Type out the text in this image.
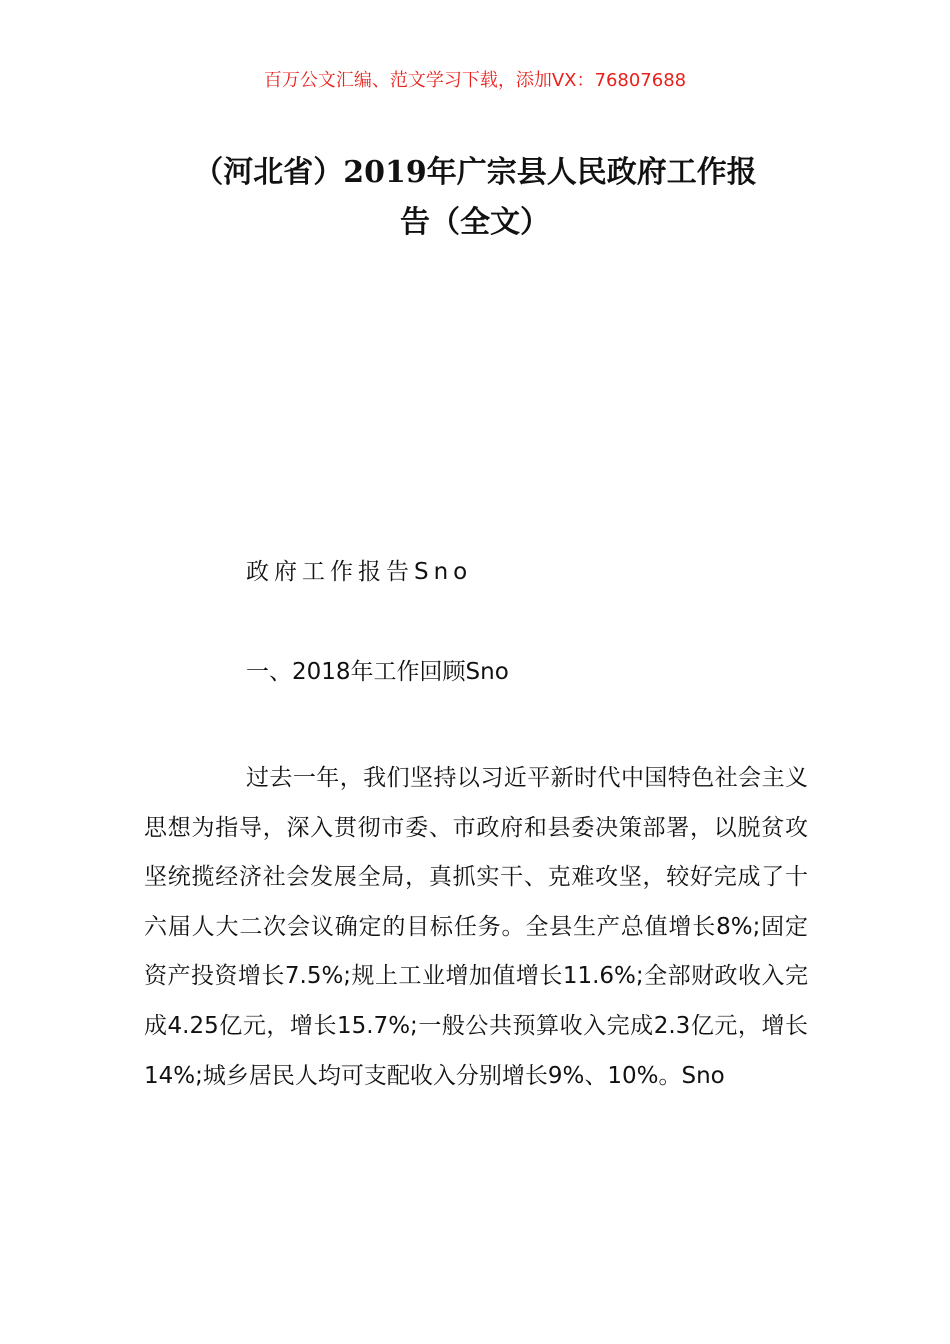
百万公文汇编、范文学习下载，添加VX：76807688
（河北省）2019年广宗县人民政府工作报
告（全文）
政府工作报告Sno
一、2018年工作回顾Sno

过去一年，我们坚持以习近平新时代中国特色社会主义思想为指导，深入贯彻市委、市政府和县委决策部署，以脱贫攻坚统揽经济社会发展全局，真抓实干、克难攻坚，较好完成了十六届人大二次会议确定的目标任务。全县生产总值增长8%;固定资产投资增长7.5%;规上工业增加值增长11.6%;全部财政收入完成4.25亿元，增长15.7%;一般公共预算收入完成2.3亿元，增长14%;城乡居民人均可支配收入分别增长9%、10%。Sno
